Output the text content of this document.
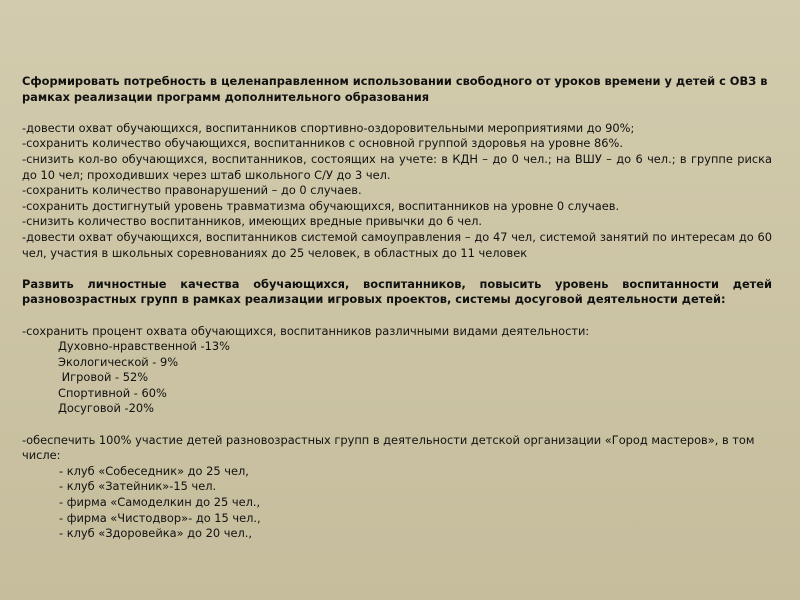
Сформировать потребность в целенаправленном использовании свободного от уроков времени у детей с ОВЗ в рамках реализации программ дополнительного образования

-довести охват обучающихся, воспитанников спортивно-оздоровительными мероприятиями до 90%;

-сохранить количество обучающихся, воспитанников с основной группой здоровья на уровне 86%.

-снизить кол-во обучающихся, воспитанников, состоящих на учете: в КДН – до 0 чел.; на ВШУ – до 6 чел.; в группе риска до 10 чел; проходивших через штаб школьного С/У до 3 чел.

-сохранить количество правонарушений – до 0 случаев.

-сохранить достигнутый уровень травматизма обучающихся, воспитанников на уровне 0 случаев.

-снизить количество воспитанников, имеющих вредные привычки до 6 чел.

-довести охват обучающихся, воспитанников системой самоуправления – до 47 чел, системой занятий по интересам до 60 чел, участия в школьных соревнованиях до 25 человек, в областных до 11 человек

Развить личностные качества обучающихся, воспитанников, повысить уровень воспитанности детей разновозрастных групп в рамках реализации игровых проектов, системы досуговой деятельности детей:

-сохранить процент охвата обучающихся, воспитанников различными видами деятельности:

Духовно-нравственной -13%

Экологической - 9%

Игровой - 52%

Спортивной - 60%

Досуговой -20%

-обеспечить 100% участие детей разновозрастных групп в деятельности детской организации «Город мастеров», в том числе:

- клуб «Собеседник» до 25 чел,

- клуб «Затейник»-15 чел.

- фирма «Самоделкин до 25 чел.,

- фирма «Чистодвор»- до 15 чел.,

- клуб «Здоровейка» до 20 чел.,
